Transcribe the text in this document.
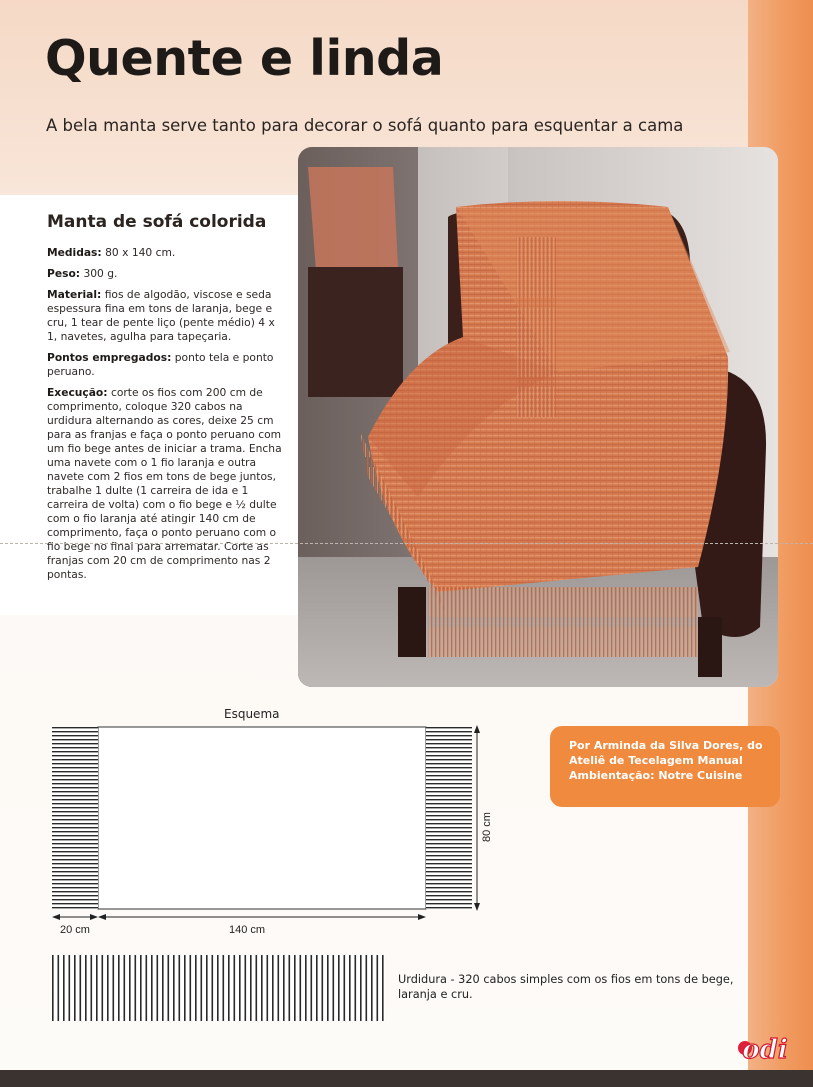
Quente e linda

A bela manta serve tanto para decorar o sofá quanto para esquentar a cama

Manta de sofá colorida

Medidas: 80 x 140 cm.

Peso: 300 g.

Material: fios de algodão, viscose e seda espessura fina em tons de laranja, bege e cru, 1 tear de pente liço (pente médio) 4 x 1, navetes, agulha para tapeçaria.

Pontos empregados: ponto tela e ponto peruano.

Execução: corte os fios com 200 cm de comprimento, coloque 320 cabos na urdidura alternando as cores, deixe 25 cm para as franjas e faça o ponto peruano com um fio bege antes de iniciar a trama. Encha uma navete com o 1 fio laranja e outra navete com 2 fios em tons de bege juntos, trabalhe 1 dulte (1 carreira de ida e 1 carreira de volta) com o fio bege e ½ dulte com o fio laranja até atingir 140 cm de comprimento, faça o ponto peruano com o fio bege no final para arrematar. Corte as franjas com 20 cm de comprimento nas 2 pontas.

Esquema
80 cm
20 cm	140 cm
Por Arminda da Silva Dores, do
Ateliê de Tecelagem Manual
Ambientação: Notre Cuisine
Urdidura - 320 cabos simples com os fios em tons de bege, laranja e cru.
odi
